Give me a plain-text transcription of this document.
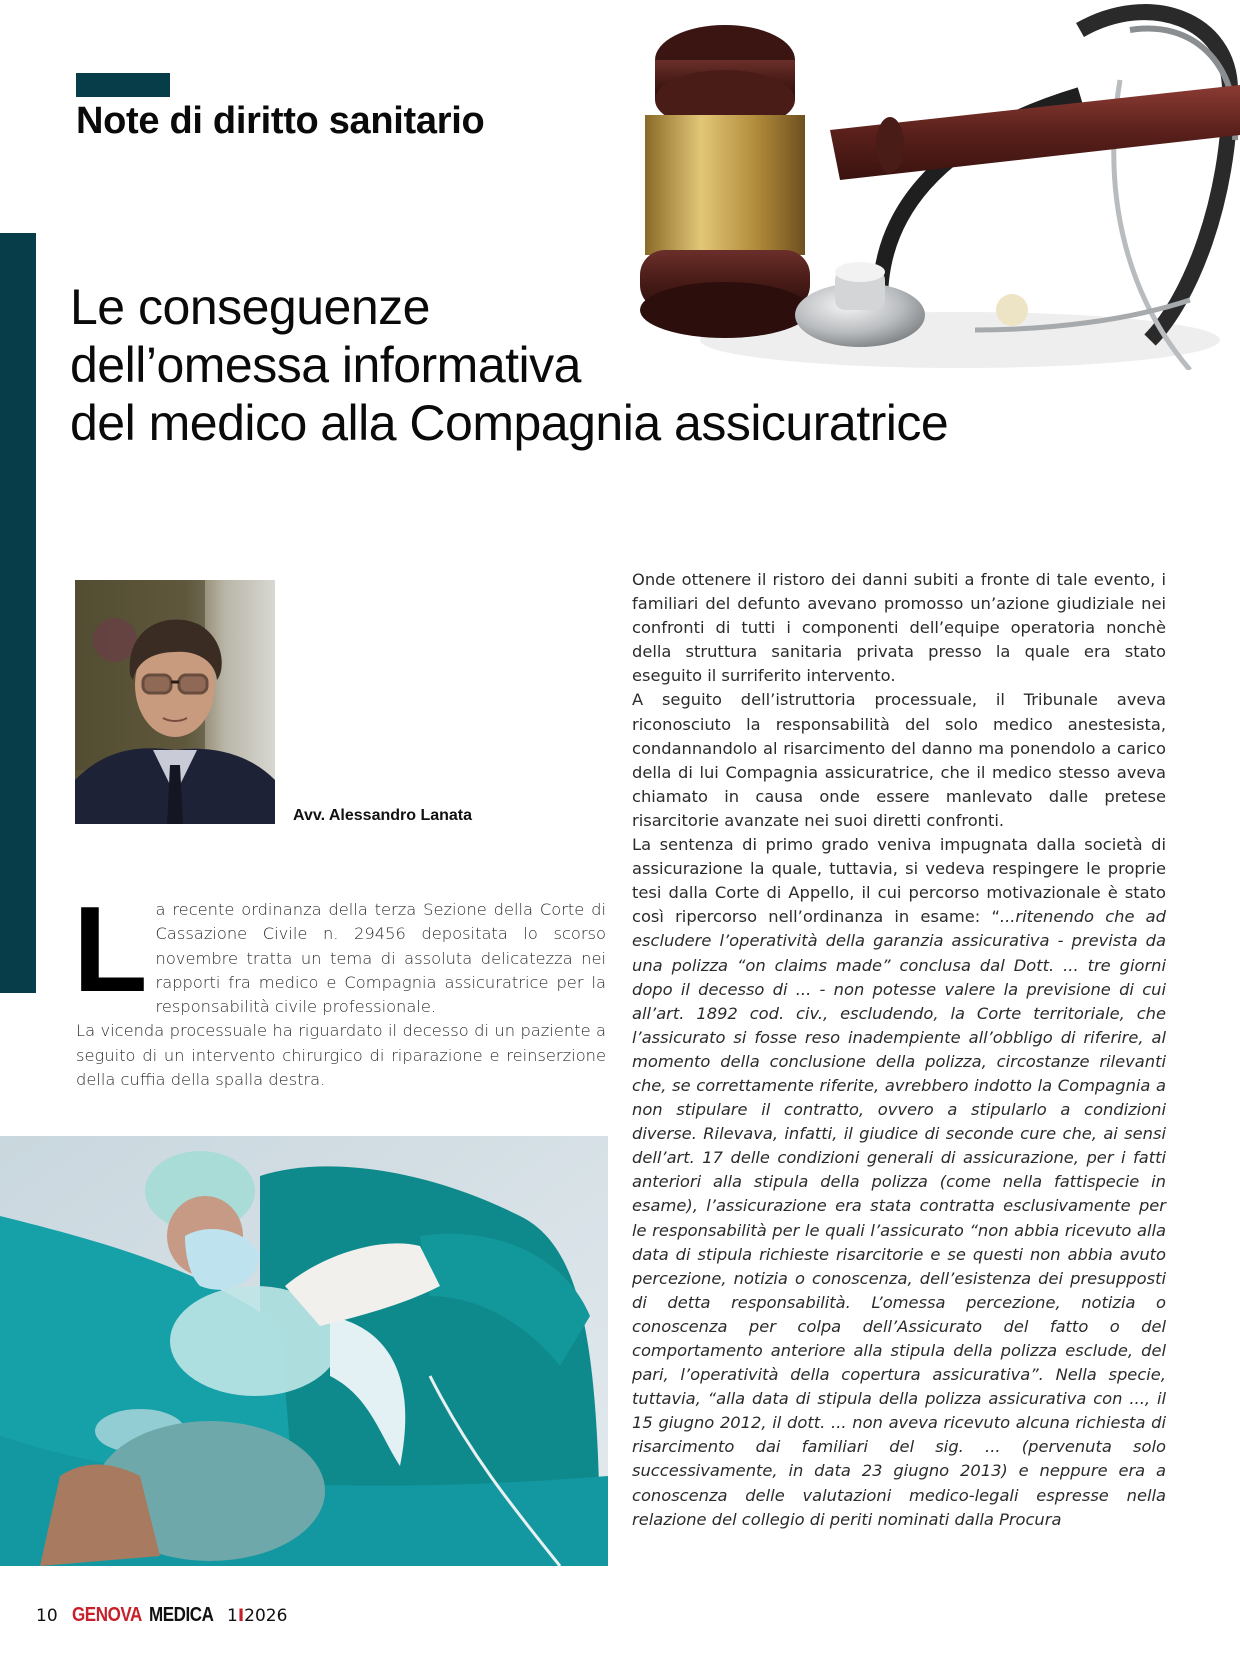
Note di diritto sanitario
Le conseguenze
dell’omessa informativa
del medico alla Compagnia assicuratrice
Avv. Alessandro Lanata

La recente ordinanza della terza Sezione della Corte di Cassazione Civile n. 29456 depositata lo scorso novembre tratta un tema di assoluta delicatezza nei rapporti fra medico e Compagnia assicuratrice per la responsabilità civile professionale.

La vicenda processuale ha riguardato il decesso di un paziente a seguito di un intervento chirurgico di riparazione e reinserzione della cuffia della spalla destra.

Onde ottenere il ristoro dei danni subiti a fronte di tale evento, i familiari del defunto avevano promosso un’azione giudiziale nei confronti di tutti i componenti dell’equipe operatoria nonchè della struttura sanitaria privata presso la quale era stato eseguito il surriferito intervento.

A seguito dell’istruttoria processuale, il Tribunale aveva riconosciuto la responsabilità del solo medico anestesista, condannandolo al risarcimento del danno ma ponendolo a carico della di lui Compagnia assicuratrice, che il medico stesso aveva chiamato in causa onde essere manlevato dalle pretese risarcitorie avanzate nei suoi diretti confronti.

La sentenza di primo grado veniva impugnata dalla società di assicurazione la quale, tuttavia, si vedeva respingere le proprie tesi dalla Corte di Appello, il cui percorso motivazionale è stato così ripercorso nell’ordinanza in esame: “...ritenendo che ad escludere l’operatività della garanzia assicurativa - prevista da una polizza “on claims made” conclusa dal Dott. ... tre giorni dopo il decesso di ... - non potesse valere la previsione di cui all’art. 1892 cod. civ., escludendo, la Corte territoriale, che l’assicurato si fosse reso inadempiente all’obbligo di riferire, al momento della conclusione della polizza, circostanze rilevanti che, se correttamente riferite, avrebbero indotto la Compagnia a non stipulare il contratto, ovvero a stipularlo a condizioni diverse. Rilevava, infatti, il giudice di seconde cure che, ai sensi dell’art. 17 delle condizioni generali di assicurazione, per i fatti anteriori alla stipula della polizza (come nella fattispecie in esame), l’assicurazione era stata contratta esclusivamente per le responsabilità per le quali l’assicurato “non abbia ricevuto alla data di stipula richieste risarcitorie e se questi non abbia avuto percezione, notizia o conoscenza, dell’esistenza dei presupposti di detta responsabilità. L’omessa percezione, notizia o conoscenza per colpa dell’Assicurato del fatto o del comportamento anteriore alla stipula della polizza esclude, del pari, l’operatività della copertura assicurativa”. Nella specie, tuttavia, “alla data di stipula della polizza assicurativa con ..., il 15 giugno 2012, il dott. ... non aveva ricevuto alcuna richiesta di risarcimento dai familiari del sig. ... (pervenuta solo successivamente, in data 23 giugno 2013) e neppure era a conoscenza delle valutazioni medico-legali espresse nella relazione del collegio di periti nominati dalla Procura

10 GENOVA MEDICA 1I2026
